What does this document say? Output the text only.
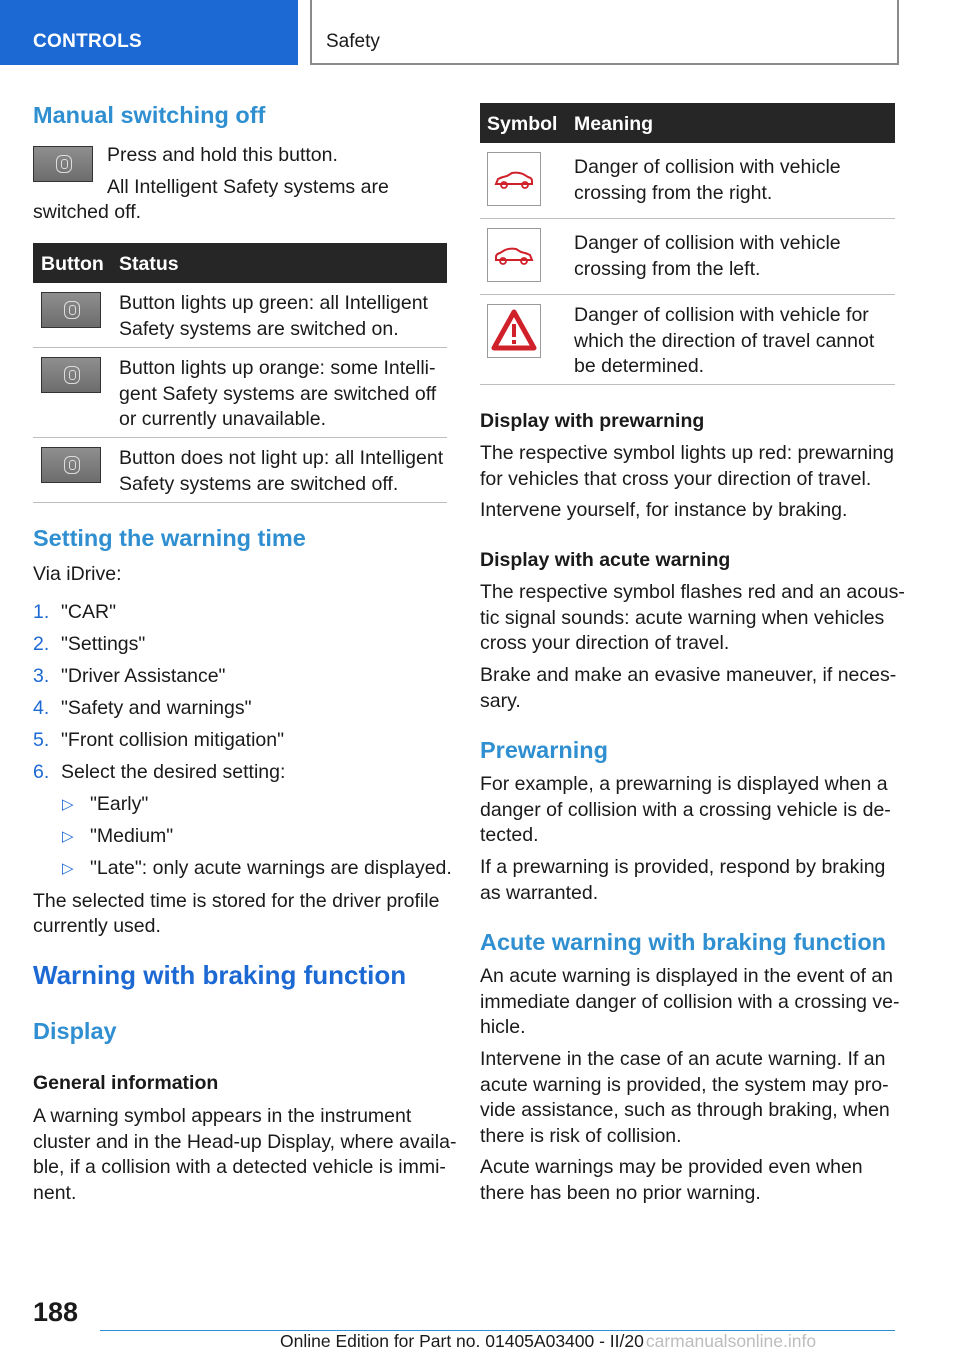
CONTROLS	Safety
Manual switching off

Press and hold this button.

All Intelligent Safety systems are

switched off.

Button Status

Button lights up green: all Intelligent

Safety systems are switched on.

Button lights up orange: some Intelli-

gent Safety systems are switched off

or currently unavailable.

Button does not light up: all Intelligent

Safety systems are switched off.

Setting the warning time

Via iDrive:

1. "CAR"
2. "Settings"
3. "Driver Assistance"
4. "Safety and warnings"
5. "Front collision mitigation"
6. Select the desired setting:
▷ "Early"
▷ "Medium"
▷ "Late": only acute warnings are displayed.

The selected time is stored for the driver profile

currently used.

Warning with braking function
Display
General information

A warning symbol appears in the instrument

cluster and in the Head-up Display, where availa-

ble, if a collision with a detected vehicle is immi-

nent.

Symbol Meaning

Danger of collision with vehicle

crossing from the right.

Danger of collision with vehicle

crossing from the left.

Danger of collision with vehicle for

which the direction of travel cannot

be determined.

Display with prewarning

The respective symbol lights up red: prewarning

for vehicles that cross your direction of travel.

Intervene yourself, for instance by braking.

Display with acute warning

The respective symbol flashes red and an acous-

tic signal sounds: acute warning when vehicles

cross your direction of travel.

Brake and make an evasive maneuver, if neces-

sary.

Prewarning

For example, a prewarning is displayed when a

danger of collision with a crossing vehicle is de-

tected.

If a prewarning is provided, respond by braking

as warranted.

Acute warning with braking function

An acute warning is displayed in the event of an

immediate danger of collision with a crossing ve-

hicle.

Intervene in the case of an acute warning. If an

acute warning is provided, the system may pro-

vide assistance, such as through braking, when

there is risk of collision.

Acute warnings may be provided even when

there has been no prior warning.

188
Online Edition for Part no. 01405A03400 - II/20 carmanualsonline.info
